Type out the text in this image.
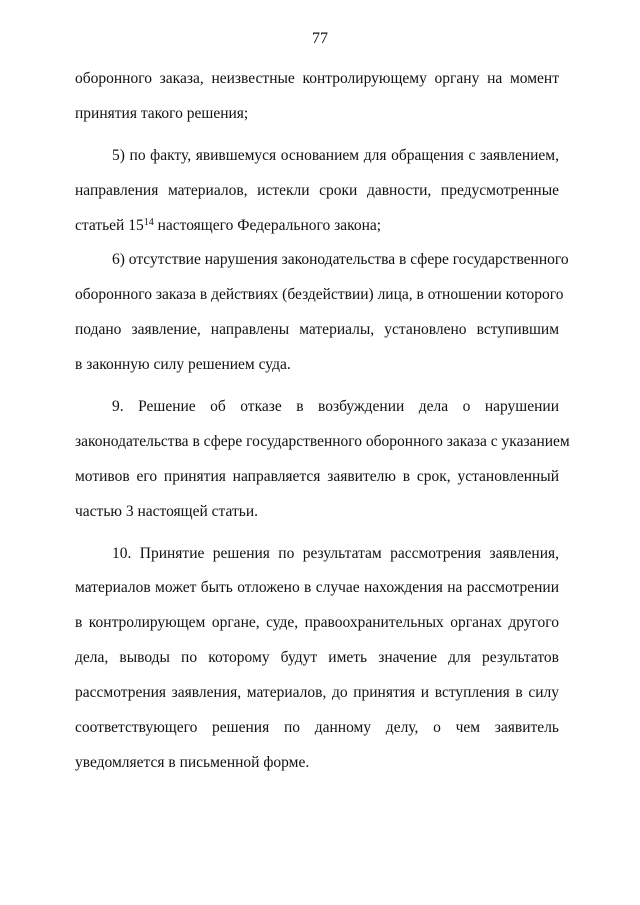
77
оборонного заказа, неизвестные контролирующему органу на момент
принятия такого решения;
5) по факту, явившемуся основанием для обращения с заявлением,
направления материалов, истекли сроки давности, предусмотренные
статьей $15^{14}$ настоящего Федерального закона;
6) отсутствие нарушения законодательства в сфере государственного
оборонного заказа в действиях (бездействии) лица, в отношении которого
подано заявление, направлены материалы, установлено вступившим
в законную силу решением суда.
9. Решение об отказе в возбуждении дела о нарушении
законодательства в сфере государственного оборонного заказа с указанием
мотивов его принятия направляется заявителю в срок, установленный
частью 3 настоящей статьи.
10. Принятие решения по результатам рассмотрения заявления,
материалов может быть отложено в случае нахождения на рассмотрении
в контролирующем органе, суде, правоохранительных органах другого
дела, выводы по которому будут иметь значение для результатов
рассмотрения заявления, материалов, до принятия и вступления в силу
соответствующего решения по данному делу, о чем заявитель
уведомляется в письменной форме.
